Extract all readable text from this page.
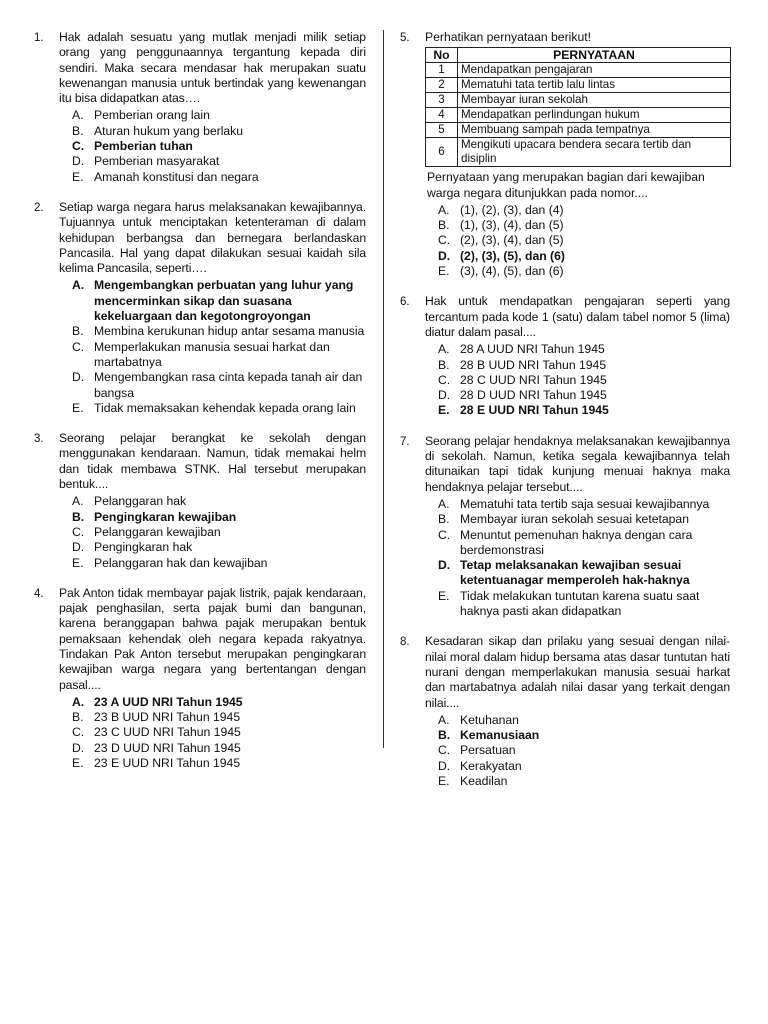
1. Hak adalah sesuatu yang mutlak menjadi milik setiap orang yang penggunaannya tergantung kepada diri sendiri. Maka secara mendasar hak merupakan suatu kewenangan manusia untuk bertindak yang kewenangan itu bisa didapatkan atas….
A. Pemberian orang lain
B. Aturan hukum yang berlaku
C. Pemberian tuhan
D. Pemberian masyarakat
E. Amanah konstitusi dan negara
2. Setiap warga negara harus melaksanakan kewajibannya. Tujuannya untuk menciptakan ketenteraman di dalam kehidupan berbangsa dan bernegara berlandaskan Pancasila. Hal yang dapat dilakukan sesuai kaidah sila kelima Pancasila, seperti….
A. Mengembangkan perbuatan yang luhur yang mencerminkan sikap dan suasana kekeluargaan dan kegotongroyongan
B. Membina kerukunan hidup antar sesama manusia
C. Memperlakukan manusia sesuai harkat dan martabatnya
D. Mengembangkan rasa cinta kepada tanah air dan bangsa
E. Tidak memaksakan kehendak kepada orang lain
3. Seorang pelajar berangkat ke sekolah dengan menggunakan kendaraan. Namun, tidak memakai helm dan tidak membawa STNK. Hal tersebut merupakan bentuk....
A. Pelanggaran hak
B. Pengingkaran kewajiban
C. Pelanggaran kewajiban
D. Pengingkaran hak
E. Pelanggaran hak dan kewajiban
4. Pak Anton tidak membayar pajak listrik, pajak kendaraan, pajak penghasilan, serta pajak bumi dan bangunan, karena beranggapan bahwa pajak merupakan bentuk pemaksaan kehendak oleh negara kepada rakyatnya. Tindakan Pak Anton tersebut merupakan pengingkaran kewajiban warga negara yang bertentangan dengan pasal....
A. 23 A UUD NRI Tahun 1945
B. 23 B UUD NRI Tahun 1945
C. 23 C UUD NRI Tahun 1945
D. 23 D UUD NRI Tahun 1945
E. 23 E UUD NRI Tahun 1945
5. Perhatikan pernyataan berikut!
No	PERNYATAAN
1	Mendapatkan pengajaran
2	Mematuhi tata tertib lalu lintas
3	Membayar iuran sekolah
4	Mendapatkan perlindungan hukum
5	Membuang sampah pada tempatnya
6	Mengikuti upacara bendera secara tertib dan disiplin
Pernyataan yang merupakan bagian dari kewajiban warga negara ditunjukkan pada nomor....
A. (1), (2), (3), dan (4)
B. (1), (3), (4), dan (5)
C. (2), (3), (4), dan (5)
D. (2), (3), (5), dan (6)
E. (3), (4), (5), dan (6)
6. Hak untuk mendapatkan pengajaran seperti yang tercantum pada kode 1 (satu) dalam tabel nomor 5 (lima) diatur dalam pasal....
A. 28 A UUD NRI Tahun 1945
B. 28 B UUD NRI Tahun 1945
C. 28 C UUD NRI Tahun 1945
D. 28 D UUD NRI Tahun 1945
E. 28 E UUD NRI Tahun 1945
7. Seorang pelajar hendaknya melaksanakan kewajibannya di sekolah. Namun, ketika segala kewajibannya telah ditunaikan tapi tidak kunjung menuai haknya maka hendaknya pelajar tersebut....
A. Mematuhi tata tertib saja sesuai kewajibannya
B. Membayar iuran sekolah sesuai ketetapan
C. Menuntut pemenuhan haknya dengan cara berdemonstrasi
D. Tetap melaksanakan kewajiban sesuai ketentuanagar memperoleh hak-haknya
E. Tidak melakukan tuntutan karena suatu saat haknya pasti akan didapatkan
8. Kesadaran sikap dan prilaku yang sesuai dengan nilai-nilai moral dalam hidup bersama atas dasar tuntutan hati nurani dengan memperlakukan manusia sesuai harkat dan martabatnya adalah nilai dasar yang terkait dengan nilai....
A. Ketuhanan
B. Kemanusiaan
C. Persatuan
D. Kerakyatan
E. Keadilan
